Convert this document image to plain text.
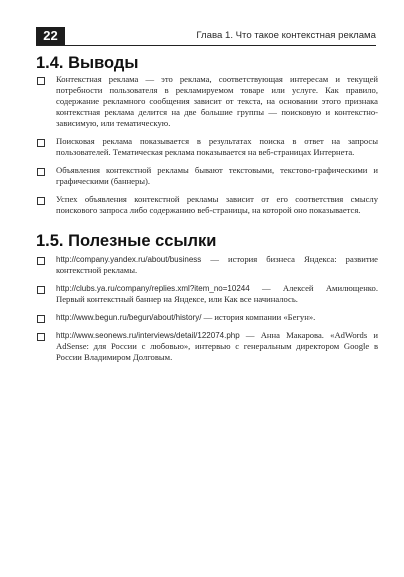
22	Глава 1. Что такое контекстная реклама
1.4. Выводы
Контекстная реклама — это реклама, соответствующая интересам и текущей потребности пользователя в рекламируемом товаре или услуге. Как правило, содержание рекламного сообщения зависит от текста, на основании этого признака контекстная реклама делится на две большие группы — поисковую и контекстно-зависимую, или тематическую.
Поисковая реклама показывается в результатах поиска в ответ на запросы пользователей. Тематическая реклама показывается на веб-страницах Интернета.
Объявления контекстной рекламы бывают текстовыми, текстово-графическими и графическими (баннеры).
Успех объявления контекстной рекламы зависит от его соответствия смыслу поискового запроса либо содержанию веб-страницы, на которой оно показывается.
1.5. Полезные ссылки
http://company.yandex.ru/about/business — история бизнеса Яндекса: развитие контекстной рекламы.
http://clubs.ya.ru/company/replies.xml?item_no=10244 — Алексей Амилющенко. Первый контекстный баннер на Яндексе, или Как все начиналось.
http://www.begun.ru/begun/about/history/ — история компании «Бегун».
http://www.seonews.ru/interviews/detail/122074.php — Анна Макарова. «AdWords и AdSense: для России с любовью», интервью с генеральным директором Google в России Владимиром Долговым.
